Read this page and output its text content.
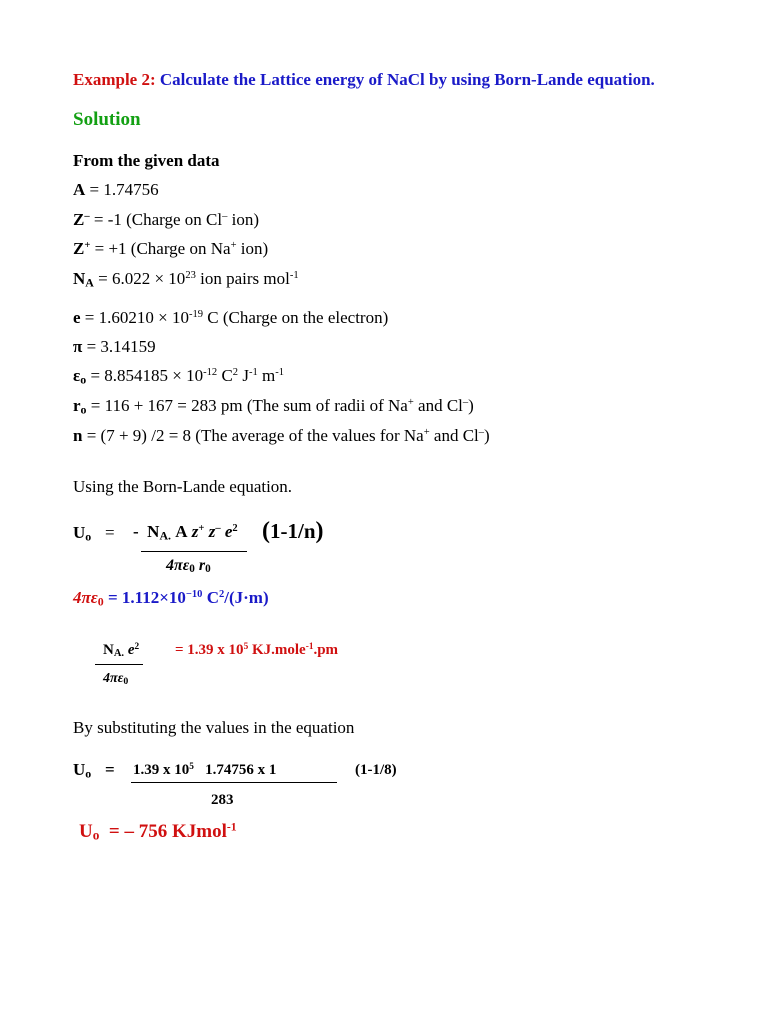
Example 2: Calculate the Lattice energy of NaCl by using Born-Lande equation.
Solution
From the given data
A = 1.74756
Z– = -1 (Charge on Cl– ion)
Z+ = +1 (Charge on Na+ ion)
$N_A = 6.022 \times 10^{23}$ ion pairs mol$^{-1}$
$e = 1.60210 \times 10^{-19}$ C (Charge on the electron)
π = 3.14159
$\varepsilon_o = 8.854185 \times 10^{-12}$ $C^2$ $J^{-1}$ $m^{-1}$
$r_o = 116 + 167 = 283$ pm (The sum of radii of Na+ and Cl–)
n = (7 + 9) /2 = 8 (The average of the values for Na+ and Cl–)
Using the Born-Lande equation.
$U_o$ = - $N_{A.}$ A z+ z– $e^2$ (1-1/n)
$4\pi\varepsilon_0$ $r_0$
$4\pi\varepsilon_0 = 1.112\times 10^{-10}$ $C^2/(J\cdot m)$
$N_{A.}$ $e^2$
$4\pi\varepsilon_0$
= 1.39 x $10^5$ KJ.mole$^{-1}$.pm
By substituting the values in the equation
$U_o = 1.39$ x $10^5$   1.74756 x 1	(1-1/8)
283
$U_o$  = – 756 KJmol$^{-1}$
